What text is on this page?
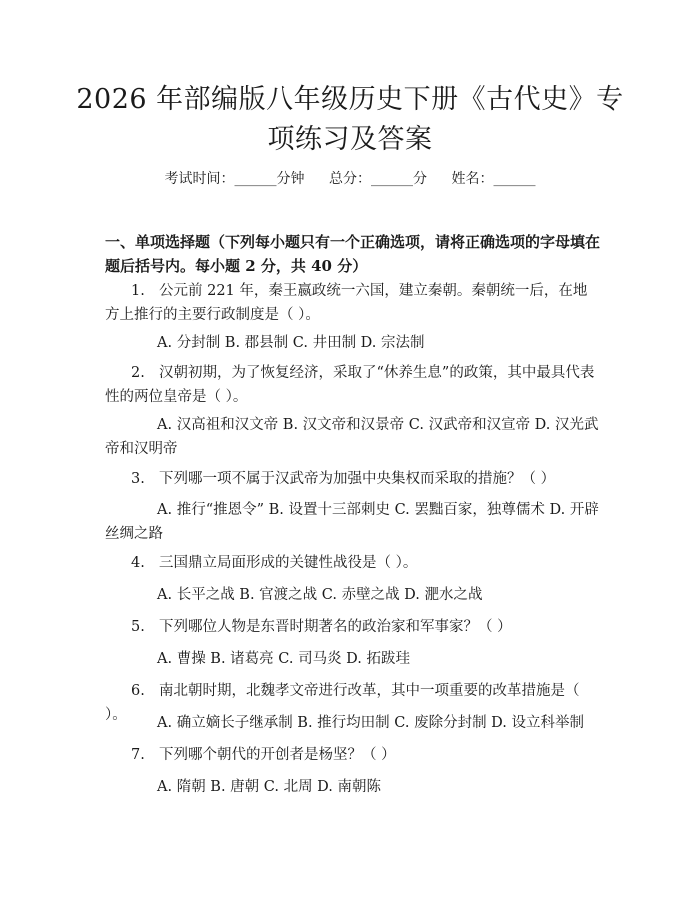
2026 年部编版八年级历史下册《古代史》专
项练习及答案
考试时间：______分钟 总分：______分 姓名：______
一、单项选择题（下列每小题只有一个正确选项，请将正确选项的字母填在题后括号内。每小题 2 分，共 40 分）
1. 公元前 221 年，秦王嬴政统一六国，建立秦朝。秦朝统一后，在地方上推行的主要行政制度是（ ）。
A. 分封制 B. 郡县制 C. 井田制 D. 宗法制
2. 汉朝初期，为了恢复经济，采取了“休养生息”的政策，其中最具代表性的两位皇帝是（ ）。
A. 汉高祖和汉文帝 B. 汉文帝和汉景帝 C. 汉武帝和汉宣帝 D. 汉光武帝和汉明帝
3. 下列哪一项不属于汉武帝为加强中央集权而采取的措施？（ ）
A. 推行“推恩令” B. 设置十三部刺史 C. 罢黜百家，独尊儒术 D. 开辟丝绸之路
4. 三国鼎立局面形成的关键性战役是（ ）。
A. 长平之战 B. 官渡之战 C. 赤壁之战 D. 淝水之战
5. 下列哪位人物是东晋时期著名的政治家和军事家？（ ）
A. 曹操 B. 诸葛亮 C. 司马炎 D. 拓跋珪
6. 南北朝时期，北魏孝文帝进行改革，其中一项重要的改革措施是（ ）。	A. 确立嫡长子继承制 B. 推行均田制 C. 废除分封制 D. 设立科举制
7. 下列哪个朝代的开创者是杨坚？（ ）
A. 隋朝 B. 唐朝 C. 北周 D. 南朝陈
